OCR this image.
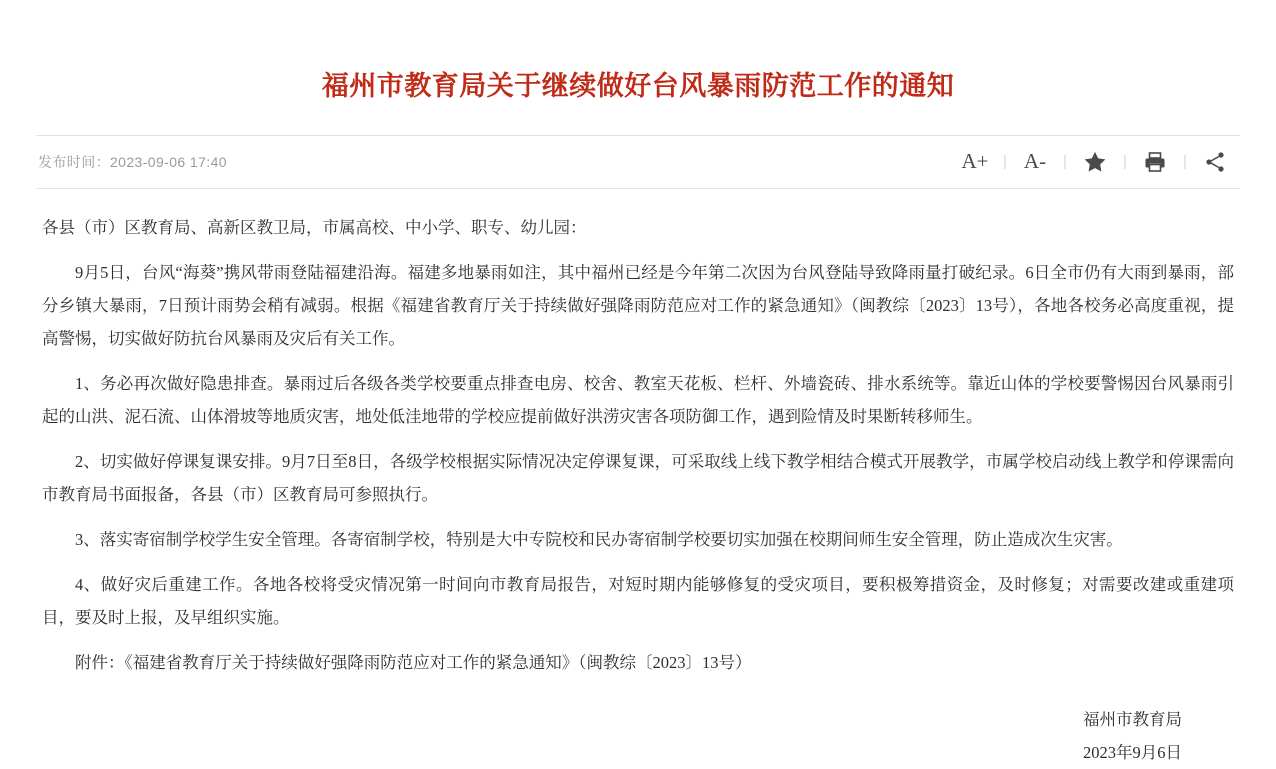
福州市教育局关于继续做好台风暴雨防范工作的通知
发布时间：2023-09-06 17:40	A+ | A-	|	|	|

各县（市）区教育局、高新区教卫局，市属高校、中小学、职专、幼儿园：

9月5日，台风“海葵”携风带雨登陆福建沿海。福建多地暴雨如注，其中福州已经是今年第二次因为台风登陆导致降雨量打破纪录。6日全市仍有大雨到暴雨，部分乡镇大暴雨，7日预计雨势会稍有减弱。根据《福建省教育厅关于持续做好强降雨防范应对工作的紧急通知》（闽教综〔2023〕13号），各地各校务必高度重视，提高警惕，切实做好防抗台风暴雨及灾后有关工作。

1、务必再次做好隐患排查。暴雨过后各级各类学校要重点排查电房、校舍、教室天花板、栏杆、外墙瓷砖、排水系统等。靠近山体的学校要警惕因台风暴雨引起的山洪、泥石流、山体滑坡等地质灾害，地处低洼地带的学校应提前做好洪涝灾害各项防御工作，遇到险情及时果断转移师生。

2、切实做好停课复课安排。9月7日至8日，各级学校根据实际情况决定停课复课，可采取线上线下教学相结合模式开展教学，市属学校启动线上教学和停课需向市教育局书面报备，各县（市）区教育局可参照执行。

3、落实寄宿制学校学生安全管理。各寄宿制学校，特别是大中专院校和民办寄宿制学校要切实加强在校期间师生安全管理，防止造成次生灾害。

4、做好灾后重建工作。各地各校将受灾情况第一时间向市教育局报告，对短时期内能够修复的受灾项目，要积极筹措资金，及时修复；对需要改建或重建项目，要及时上报，及早组织实施。

附件：《福建省教育厅关于持续做好强降雨防范应对工作的紧急通知》（闽教综〔2023〕13号）

福州市教育局
2023年9月6日
